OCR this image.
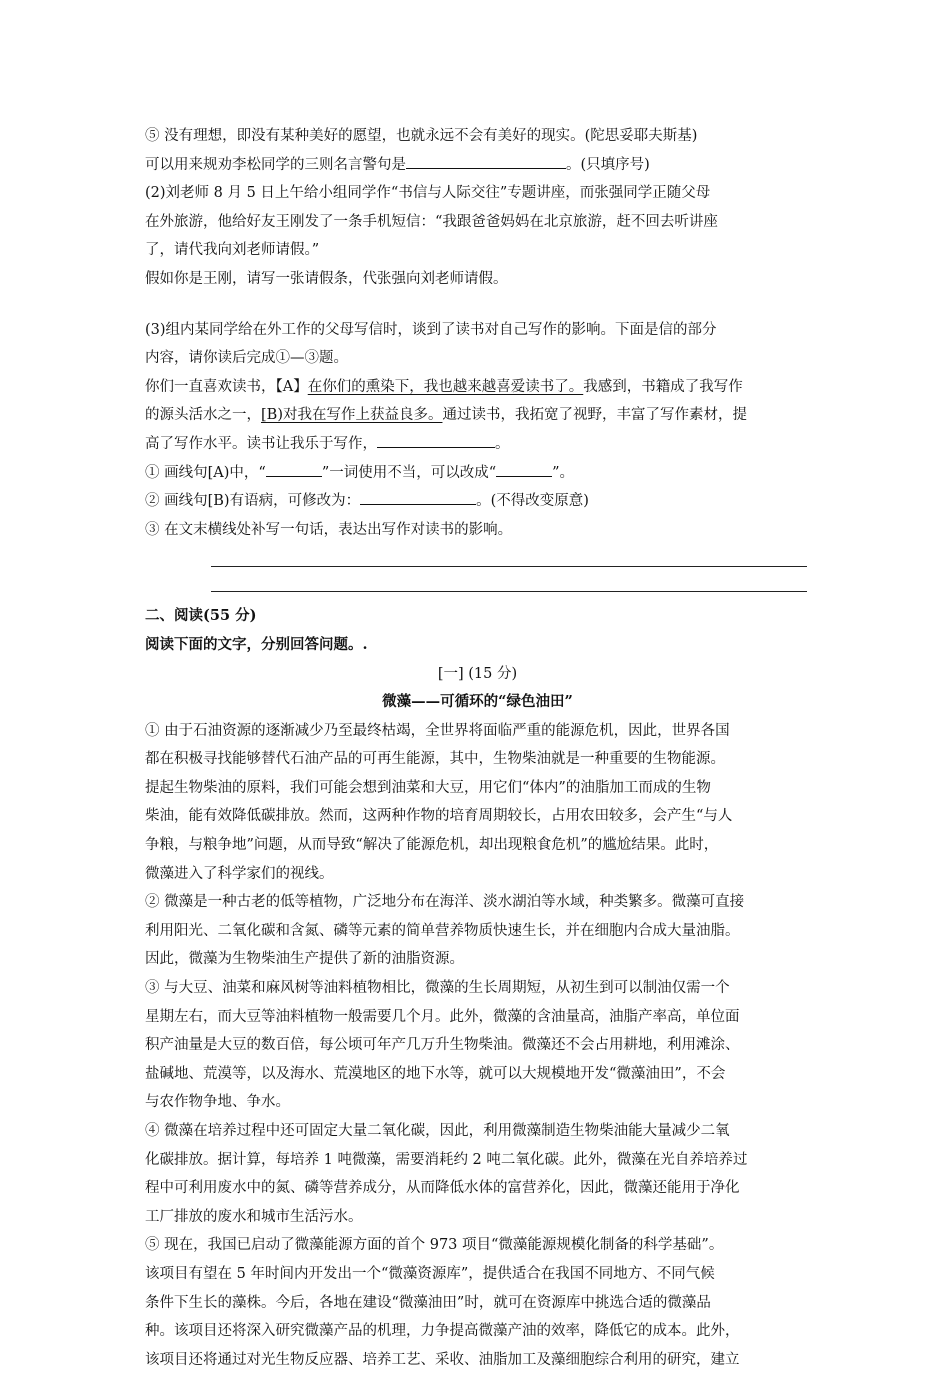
⑤ 没有理想，即没有某种美好的愿望，也就永远不会有美好的现实。(陀思妥耶夫斯基)
可以用来规劝李松同学的三则名言警句是	。(只填序号)
(2)刘老师 8 月 5 日上午给小组同学作“书信与人际交往”专题讲座，而张强同学正随父母
在外旅游，他给好友王刚发了一条手机短信：“我跟爸爸妈妈在北京旅游，赶不回去听讲座
了，请代我向刘老师请假。”
假如你是王刚，请写一张请假条，代张强向刘老师请假。
(3)组内某同学给在外工作的父母写信时，谈到了读书对自己写作的影响。下面是信的部分
内容，请你读后完成①—③题。
你们一直喜欢读书，【A】在你们的熏染下，我也越来越喜爱读书了。我感到，书籍成了我写作
的源头活水之一，[B)对我在写作上获益良多。通过读书，我拓宽了视野，丰富了写作素材，提
高了写作水平。读书让我乐于写作，	。
① 画线句[A)中，“	”一词使用不当，可以改成“	”。
② 画线句[B)有语病，可修改为：	。(不得改变原意)
③ 在文末横线处补写一句话，表达出写作对读书的影响。
二、阅读(55 分)
阅读下面的文字，分别回答问题。.
[一] (15 分)
微藻——可循环的“绿色油田”
① 由于石油资源的逐渐减少乃至最终枯竭，全世界将面临严重的能源危机，因此，世界各国
都在积极寻找能够替代石油产品的可再生能源，其中，生物柴油就是一种重要的生物能源。
提起生物柴油的原料，我们可能会想到油菜和大豆，用它们“体内”的油脂加工而成的生物
柴油，能有效降低碳排放。然而，这两种作物的培育周期较长，占用农田较多，会产生“与人
争粮，与粮争地”问题，从而导致“解决了能源危机，却出现粮食危机”的尴尬结果。此时，
微藻进入了科学家们的视线。
② 微藻是一种古老的低等植物，广泛地分布在海洋、淡水湖泊等水域，种类繁多。微藻可直接
利用阳光、二氧化碳和含氮、磷等元素的简单营养物质快速生长，并在细胞内合成大量油脂。
因此，微藻为生物柴油生产提供了新的油脂资源。
③ 与大豆、油菜和麻风树等油料植物相比，微藻的生长周期短，从初生到可以制油仅需一个
星期左右，而大豆等油料植物一般需要几个月。此外，微藻的含油量高，油脂产率高，单位面
积产油量是大豆的数百倍，每公顷可年产几万升生物柴油。微藻还不会占用耕地，利用滩涂、
盐碱地、荒漠等，以及海水、荒漠地区的地下水等，就可以大规模地开发“微藻油田”，不会
与农作物争地、争水。
④ 微藻在培养过程中还可固定大量二氧化碳，因此，利用微藻制造生物柴油能大量减少二氧
化碳排放。据计算，每培养 1 吨微藻，需要消耗约 2 吨二氧化碳。此外，微藻在光自养培养过
程中可利用废水中的氮、磷等营养成分，从而降低水体的富营养化，因此，微藻还能用于净化
工厂排放的废水和城市生活污水。
⑤ 现在，我国已启动了微藻能源方面的首个 973 项目“微藻能源规模化制备的科学基础”。
该项目有望在 5 年时间内开发出一个“微藻资源库”，提供适合在我国不同地方、不同气候
条件下生长的藻株。今后，各地在建设“微藻油田”时，就可在资源库中挑选合适的微藻品
种。该项目还将深入研究微藻产品的机理，力争提高微藻产油的效率，降低它的成本。此外，
该项目还将通过对光生物反应器、培养工艺、采收、油脂加工及藻细胞综合利用的研究，建立
